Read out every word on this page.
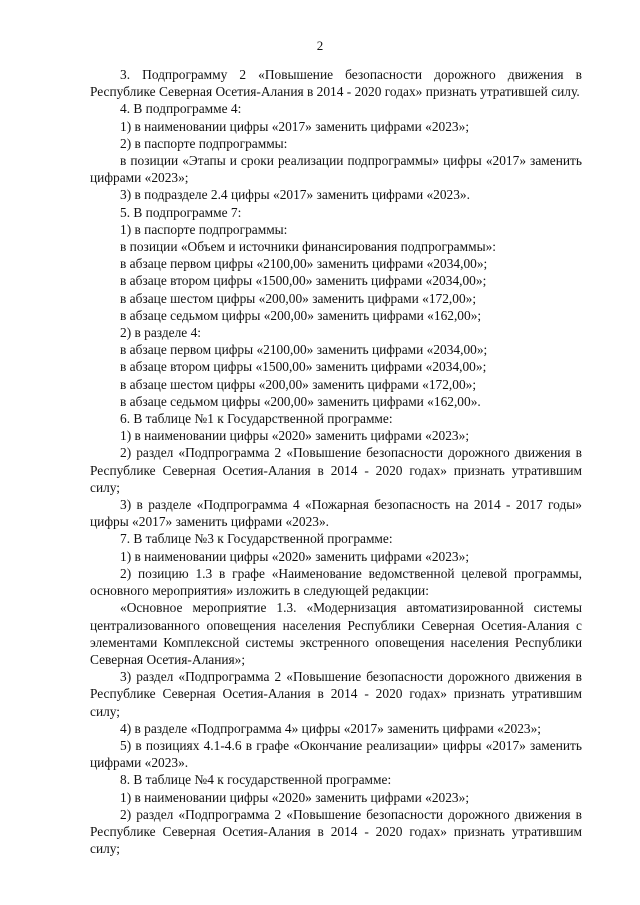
2

3. Подпрограмму 2 «Повышение безопасности дорожного движения в Республике Северная Осетия-Алания в 2014 - 2020 годах» признать утратившей силу.

4. В подпрограмме 4:

1) в наименовании цифры «2017» заменить цифрами «2023»;

2) в паспорте подпрограммы:

в позиции «Этапы и сроки реализации подпрограммы» цифры «2017» заменить цифрами «2023»;

3) в подразделе 2.4 цифры «2017» заменить цифрами «2023».

5. В подпрограмме 7:

1) в паспорте подпрограммы:

в позиции «Объем и источники финансирования подпрограммы»:

в абзаце первом цифры «2100,00» заменить цифрами «2034,00»;

в абзаце втором цифры «1500,00» заменить цифрами «2034,00»;

в абзаце шестом цифры «200,00» заменить цифрами «172,00»;

в абзаце седьмом цифры «200,00» заменить цифрами «162,00»;

2) в разделе 4:

в абзаце первом цифры «2100,00» заменить цифрами «2034,00»;

в абзаце втором цифры «1500,00» заменить цифрами «2034,00»;

в абзаце шестом цифры «200,00» заменить цифрами «172,00»;

в абзаце седьмом цифры «200,00» заменить цифрами «162,00».

6. В таблице №1 к Государственной программе:

1) в наименовании цифры «2020» заменить цифрами «2023»;

2) раздел «Подпрограмма 2 «Повышение безопасности дорожного движения в Республике Северная Осетия-Алания в 2014 - 2020 годах» признать утратившим силу;

3) в разделе «Подпрограмма 4 «Пожарная безопасность на 2014 - 2017 годы» цифры «2017» заменить цифрами «2023».

7. В таблице №3 к Государственной программе:

1) в наименовании цифры «2020» заменить цифрами «2023»;

2) позицию 1.3 в графе «Наименование ведомственной целевой программы, основного мероприятия» изложить в следующей редакции:

«Основное мероприятие 1.3. «Модернизация автоматизированной системы централизованного оповещения населения Республики Северная Осетия-Алания с элементами Комплексной системы экстренного оповещения населения Республики Северная Осетия-Алания»;

3) раздел «Подпрограмма 2 «Повышение безопасности дорожного движения в Республике Северная Осетия-Алания в 2014 - 2020 годах» признать утратившим силу;

4) в разделе «Подпрограмма 4» цифры «2017» заменить цифрами «2023»;

5) в позициях 4.1-4.6 в графе «Окончание реализации» цифры «2017» заменить цифрами «2023».

8. В таблице №4 к государственной программе:

1) в наименовании цифры «2020» заменить цифрами «2023»;

2) раздел «Подпрограмма 2 «Повышение безопасности дорожного движения в Республике Северная Осетия-Алания в 2014 - 2020 годах» признать утратившим силу;
